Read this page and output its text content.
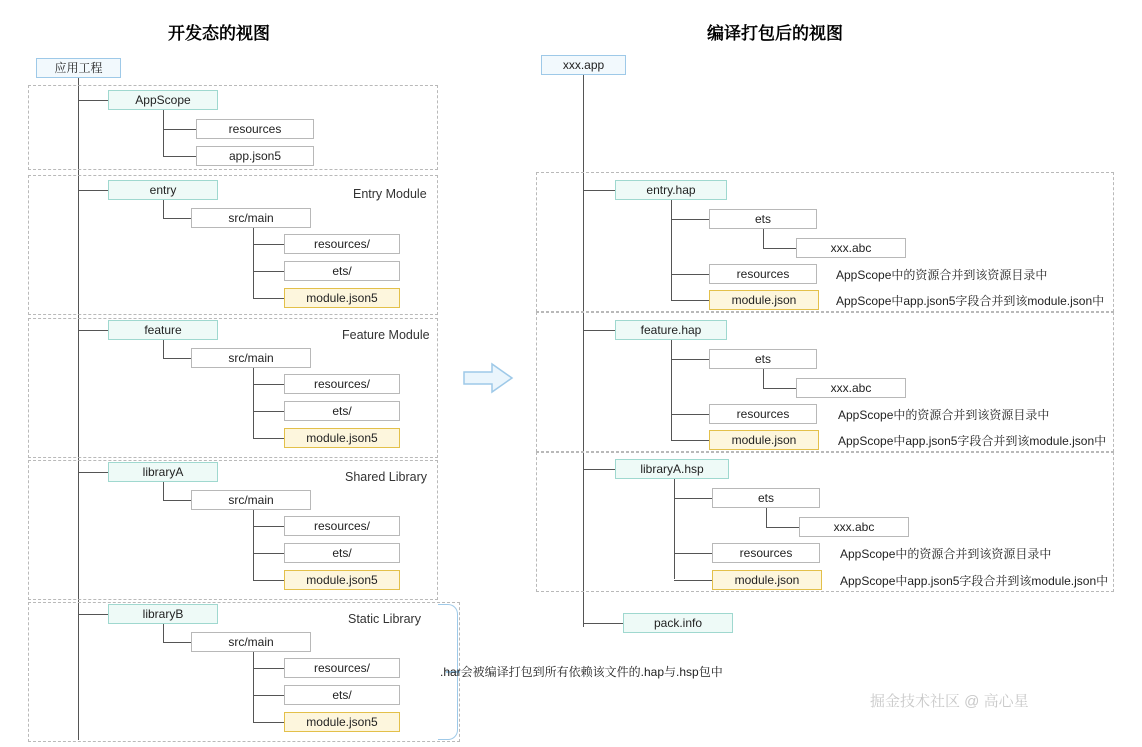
开发态的视图	编译打包后的视图
应用工程
AppScope
resources
app.json5
Entry Module
entry
src/main
resources/
ets/
module.json5
Feature Module
feature
src/main
resources/
ets/
module.json5
Shared Library
libraryA
src/main
resources/
ets/
module.json5
Static Library
libraryB
src/main
resources/
ets/
module.json5
.har会被编译打包到所有依赖该文件的.hap与.hsp包中
xxx.app
entry.hap
ets
xxx.abc
resources	AppScope中的资源合并到该资源目录中
module.json	AppScope中app.json5字段合并到该module.json中
feature.hap
ets
xxx.abc
resources	AppScope中的资源合并到该资源目录中
module.json	AppScope中app.json5字段合并到该module.json中
libraryA.hsp
ets
xxx.abc
resources	AppScope中的资源合并到该资源目录中
module.json	AppScope中app.json5字段合并到该module.json中
pack.info
掘金技术社区 @ 高心星
